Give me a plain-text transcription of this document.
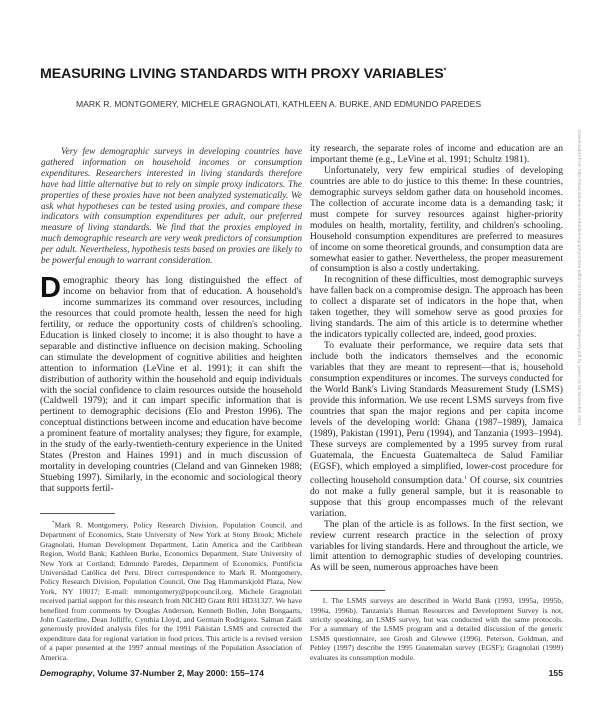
MEASURING LIVING STANDARDS WITH PROXY VARIABLES*
MARK R. MONTGOMERY, MICHELE GRAGNOLATI, KATHLEEN A. BURKE, AND EDMUNDO PAREDES
Very few demographic surveys in developing countries have gathered information on household incomes or consumption expenditures. Researchers interested in living standards therefore have had little alternative but to rely on simple proxy indicators. The properties of these proxies have not been analyzed systematically. We ask what hypotheses can be tested using proxies, and compare these indicators with consumption expenditures per adult, our preferred measure of living standards. We find that the proxies employed in much demographic research are very weak predictors of consumption per adult. Nevertheless, hypothesis tests based on proxies are likely to be powerful enough to warrant consideration.

Demographic theory has long distinguished the effect of income on behavior from that of education. A household's income summarizes its command over resources, including the resources that could promote health, lessen the need for high fertility, or reduce the opportunity costs of children's schooling. Education is linked closely to income; it is also thought to have a separable and distinctive influence on decision making. Schooling can stimulate the development of cognitive abilities and heighten attention to information (LeVine et al. 1991); it can shift the distribution of authority within the household and equip individuals with the social confidence to claim resources outside the household (Caldwell 1979); and it can impart specific information that is pertinent to demographic decisions (Elo and Preston 1996). The conceptual distinctions between income and education have become a prominent feature of mortality analyses; they figure, for example, in the study of the early-twentieth-century experience in the United States (Preston and Haines 1991) and in much discussion of mortality in developing countries (Cleland and van Ginneken 1988; Stuebing 1997). Similarly, in the economic and sociological theory that supports fertil-

*Mark R. Montgomery, Policy Research Division, Population Council, and Department of Economics, State University of New York at Stony Brook; Michele Gragnolati, Human Development Department, Latin America and the Caribbean Region, World Bank; Kathleen Burke, Economics Department, State University of New York at Cortland; Edmundo Paredes, Department of Economics, Pontificia Universidad Católica del Peru. Direct correspondence to Mark R. Montgomery, Policy Research Division, Population Council, One Dag Hammarskjold Plaza, New York, NY 10017; E-mail: mmontgomery@popcouncil.org. Michele Gragnolati received partial support for this research from NICHD Grant R01 HD31327. We have benefited from comments by Douglas Anderson, Kenneth Bollen, John Bongaarts, John Casterline, Dean Jolliffe, Cynthia Lloyd, and Germain Rodriguez. Salman Zaidi generously provided analysis files for the 1991 Pakistan LSMS and corrected the expenditure data for regional variation in food prices. This article is a revised version of a paper presented at the 1997 annual meetings of the Population Association of America.

ity research, the separate roles of income and education are an important theme (e.g., LeVine et al. 1991; Schultz 1981).

Unfortunately, very few empirical studies of developing countries are able to do justice to this theme: In these countries, demographic surveys seldom gather data on household incomes. The collection of accurate income data is a demanding task; it must compete for survey resources against higher-priority modules on health, mortality, fertility, and children's schooling. Household consumption expenditures are preferred to measures of income on some theoretical grounds, and consumption data are somewhat easier to gather. Nevertheless, the proper measurement of consumption is also a costly undertaking.

In recognition of these difficulties, most demographic surveys have fallen back on a compromise design. The approach has been to collect a disparate set of indicators in the hope that, when taken together, they will somehow serve as good proxies for living standards. The aim of this article is to determine whether the indicators typically collected are, indeed, good proxies.

To evaluate their performance, we require data sets that include both the indicators themselves and the economic variables that they are meant to represent—that is, household consumption expenditures or incomes. The surveys conducted for the World Bank's Living Standards Measurement Study (LSMS) provide this information. We use recent LSMS surveys from five countries that span the major regions and per capita income levels of the developing world: Ghana (1987–1989), Jamaica (1989), Pakistan (1991), Peru (1994), and Tanzania (1993–1994). These surveys are complemented by a 1995 survey from rural Guatemala, the Encuesta Guatemalteca de Salud Familiar (EGSF), which employed a simplified, lower-cost procedure for collecting household consumption data.$^1$ Of course, six countries do not make a fully general sample, but it is reasonable to suppose that this group encompasses much of the relevant variation.

The plan of the article is as follows. In the first section, we review current research practice in the selection of proxy variables for living standards. Here and throughout the article, we limit attention to demographic studies of developing countries. As will be seen, numerous approaches have been

1. The LSMS surveys are described in World Bank (1993, 1995a, 1995b, 1996a, 1996b). Tanzania's Human Resources and Development Survey is not, strictly speaking, an LSMS survey, but was conducted with the same protocols. For a summary of the LSMS program and a detailed discussion of the generic LSMS questionnaire, see Grosh and Glewwe (1996). Peterson, Goldman, and Pebley (1997) describe the 1995 Guatemalan survey (EGSF); Gragnolati (1999) evaluates its consumption module.

Demography, Volume 37-Number 2, May 2000: 155–174	155
Downloaded from http://read.dukeupress.edu/demography/article-pdf/37/2/155/899488/155montgomery.pdf by guest on 08 November 2021
